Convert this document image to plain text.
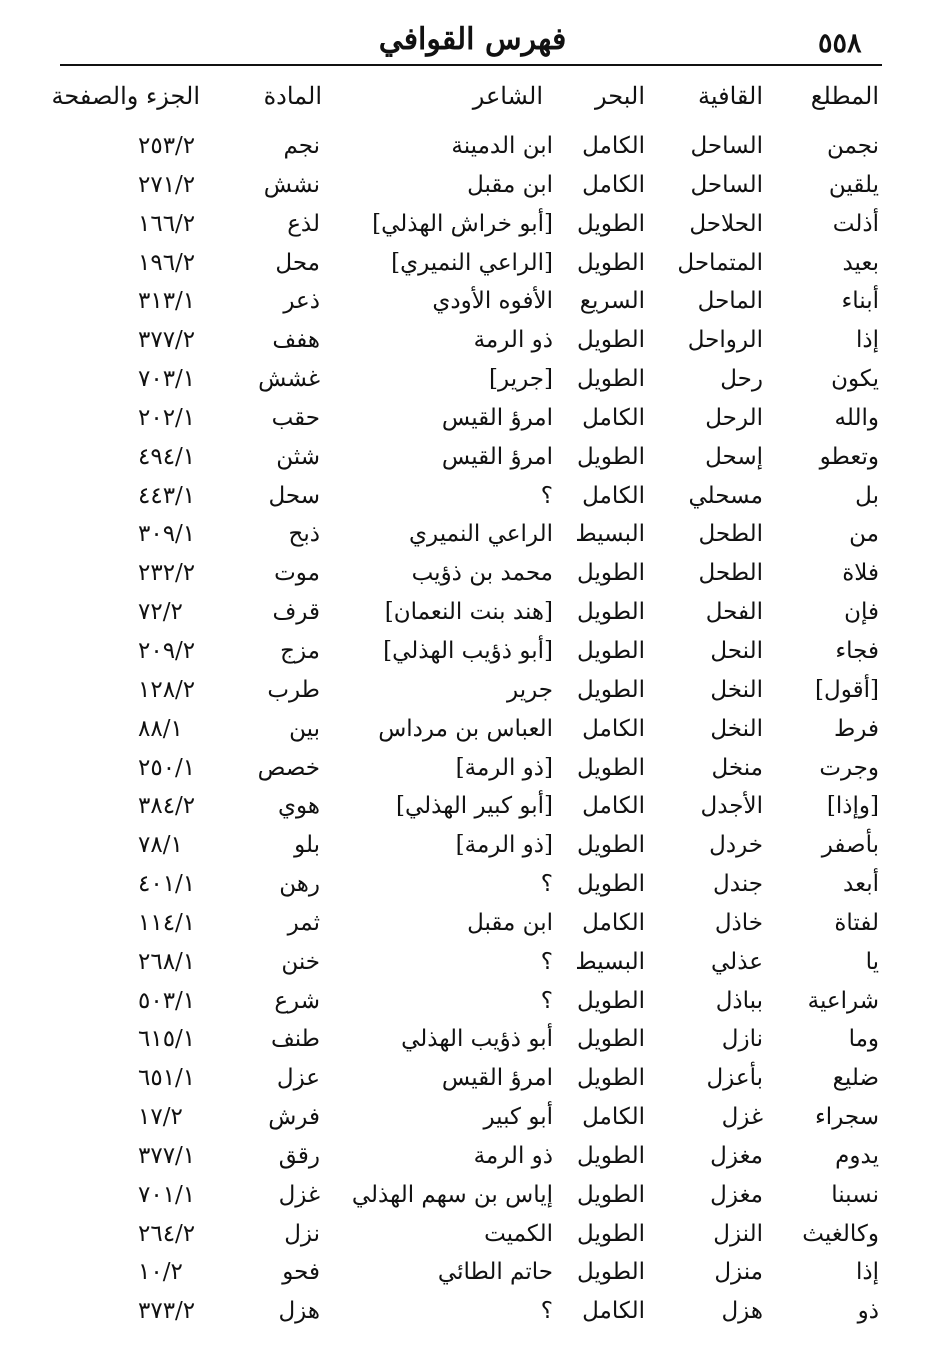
فهرس القوافي	٥٥٨
المطلع
القافية
البحر
الشاعر
المادة
الجزء والصفحة
نجمن
الساحل
الكامل
ابن الدمينة
نجم
٢٥٣/٢
يلقين
الساحل
الكامل
ابن مقبل
نشش
٢٧١/٢
أذلت
الحلاحل
الطويل
[أبو خراش الهذلي]
لذع
١٦٦/٢
بعيد
المتماحل
الطويل
[الراعي النميري]
محل
١٩٦/٢
أبناء
الماحل
السريع
الأفوه الأودي
ذعر
٣١٣/١
إذا
الرواحل
الطويل
ذو الرمة
هفف
٣٧٧/٢
يكون
رحل
الطويل
[جرير]
غشش
٧٠٣/١
والله
الرحل
الكامل
امرؤ القيس
حقب
٢٠٢/١
وتعطو
إسحل
الطويل
امرؤ القيس
شثن
٤٩٤/١
بل
مسحلي
الكامل
؟
سحل
٤٤٣/١
من
الطحل
البسيط
الراعي النميري
ذبح
٣٠٩/١
فلاة
الطحل
الطويل
محمد بن ذؤيب
موت
٢٣٢/٢
فإن
الفحل
الطويل
[هند بنت النعمان]
قرف
٧٢/٢
فجاء
النحل
الطويل
[أبو ذؤيب الهذلي]
مزج
٢٠٩/٢
[أقول]
النخل
الطويل
جرير
طرب
١٢٨/٢
فرط
النخل
الكامل
العباس بن مرداس
بين
٨٨/١
وجرت
منخل
الطويل
[ذو الرمة]
خصص
٢٥٠/١
[وإذا]
الأجدل
الكامل
[أبو كبير الهذلي]
هوي
٣٨٤/٢
بأصفر
خردل
الطويل
[ذو الرمة]
بلو
٧٨/١
أبعد
جندل
الطويل
؟
رهن
٤٠١/١
لفتاة
خاذل
الكامل
ابن مقبل
ثمر
١١٤/١
يا
عذلي
البسيط
؟
خنن
٢٦٨/١
شراعية
بباذل
الطويل
؟
شرع
٥٠٣/١
وما
نازل
الطويل
أبو ذؤيب الهذلي
طنف
٦١٥/١
ضليع
بأعزل
الطويل
امرؤ القيس
عزل
٦٥١/١
سجراء
غزل
الكامل
أبو كبير
فرش
١٧/٢
يدوم
مغزل
الطويل
ذو الرمة
رقق
٣٧٧/١
نسبنا
مغزل
الطويل
إياس بن سهم الهذلي
غزل
٧٠١/١
وكالغيث
النزل
الطويل
الكميت
نزل
٢٦٤/٢
إذا
منزل
الطويل
حاتم الطائي
فحو
١٠/٢
ذو
هزل
الكامل
؟
هزل
٣٧٣/٢
